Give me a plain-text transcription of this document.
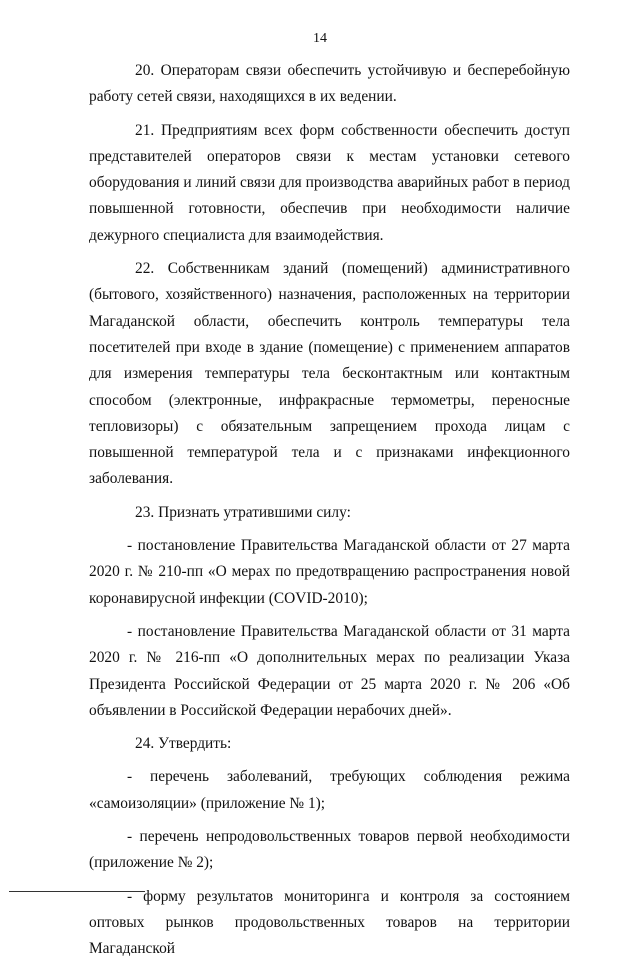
14

20. Операторам связи обеспечить устойчивую и бесперебойную работу сетей связи, находящихся в их ведении.

21. Предприятиям всех форм собственности обеспечить доступ представителей операторов связи к местам установки сетевого оборудования и линий связи для производства аварийных работ в период повышенной готовности, обеспечив при необходимости наличие дежурного специалиста для взаимодействия.

22. Собственникам зданий (помещений) административного (бытового, хозяйственного) назначения, расположенных на территории Магаданской области, обеспечить контроль температуры тела посетителей при входе в здание (помещение) с применением аппаратов для измерения температуры тела бесконтактным или контактным способом (электронные, инфракрасные термометры, переносные тепловизоры) с обязательным запрещением прохода лицам с повышенной температурой тела и с признаками инфекционного заболевания.

23. Признать утратившими силу:

- постановление Правительства Магаданской области от 27 марта 2020 г. № 210-пп «О мерах по предотвращению распространения новой коронавирусной инфекции (COVID-2010);

- постановление Правительства Магаданской области от 31 марта 2020 г. № 216-пп «О дополнительных мерах по реализации Указа Президента Российской Федерации от 25 марта 2020 г. № 206 «Об объявлении в Российской Федерации нерабочих дней».

24. Утвердить:

- перечень заболеваний, требующих соблюдения режима «самоизоляции» (приложение № 1);

- перечень непродовольственных товаров первой необходимости (приложение № 2);

- форму результатов мониторинга и контроля за состоянием оптовых рынков продовольственных товаров на территории Магаданской
